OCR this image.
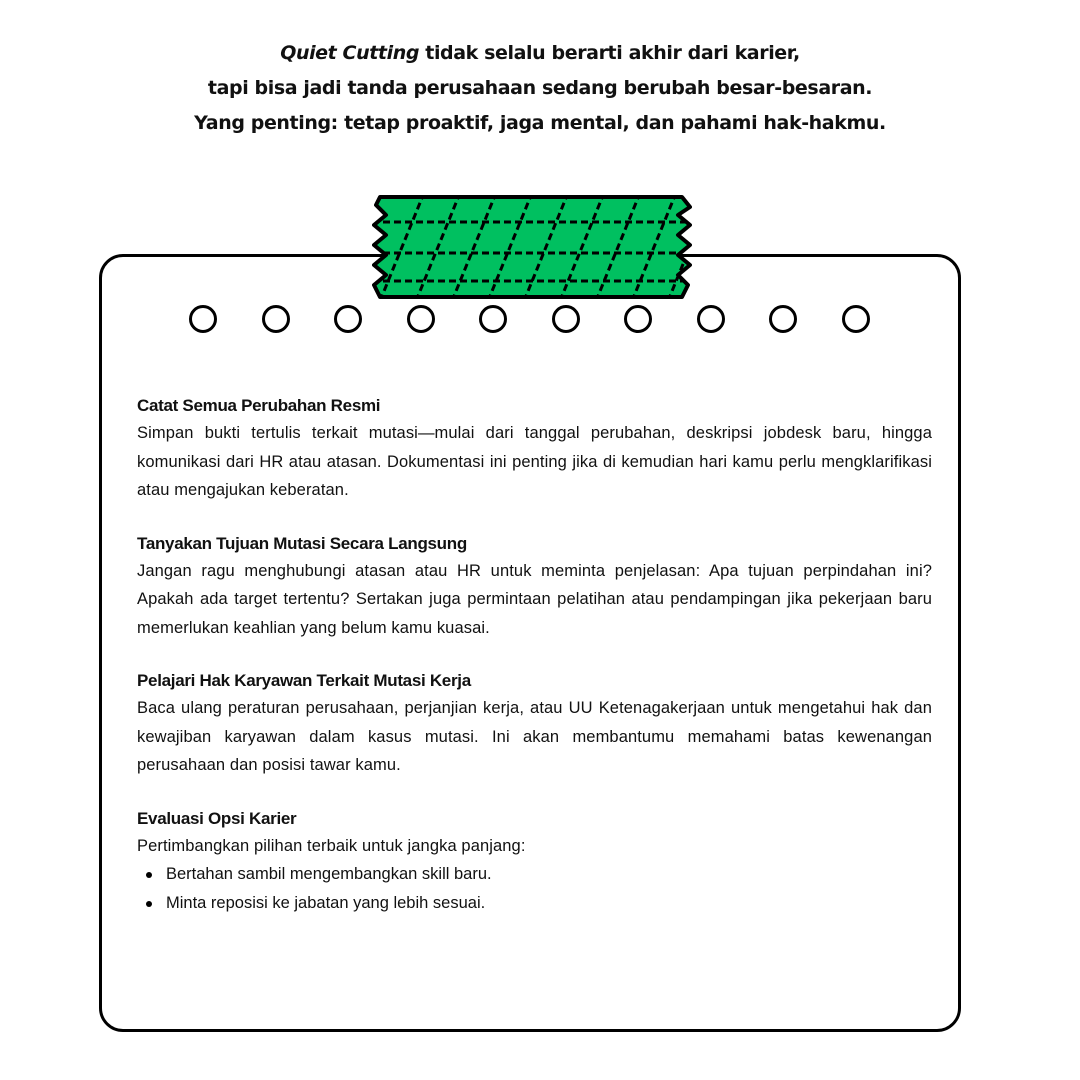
Quiet Cutting tidak selalu berarti akhir dari karier,
tapi bisa jadi tanda perusahaan sedang berubah besar-besaran.
Yang penting: tetap proaktif, jaga mental, dan pahami hak-hakmu.
Catat Semua Perubahan Resmi

Simpan bukti tertulis terkait mutasi—mulai dari tanggal perubahan, deskripsi jobdesk baru, hingga komunikasi dari HR atau atasan. Dokumentasi ini penting jika di kemudian hari kamu perlu mengklarifikasi atau mengajukan keberatan.

Tanyakan Tujuan Mutasi Secara Langsung

Jangan ragu menghubungi atasan atau HR untuk meminta penjelasan: Apa tujuan perpindahan ini? Apakah ada target tertentu? Sertakan juga permintaan pelatihan atau pendampingan jika pekerjaan baru memerlukan keahlian yang belum kamu kuasai.

Pelajari Hak Karyawan Terkait Mutasi Kerja

Baca ulang peraturan perusahaan, perjanjian kerja, atau UU Ketenagakerjaan untuk mengetahui hak dan kewajiban karyawan dalam kasus mutasi. Ini akan membantumu memahami batas kewenangan perusahaan dan posisi tawar kamu.

Evaluasi Opsi Karier

Pertimbangkan pilihan terbaik untuk jangka panjang:

Bertahan sambil mengembangkan skill baru.
Minta reposisi ke jabatan yang lebih sesuai.
